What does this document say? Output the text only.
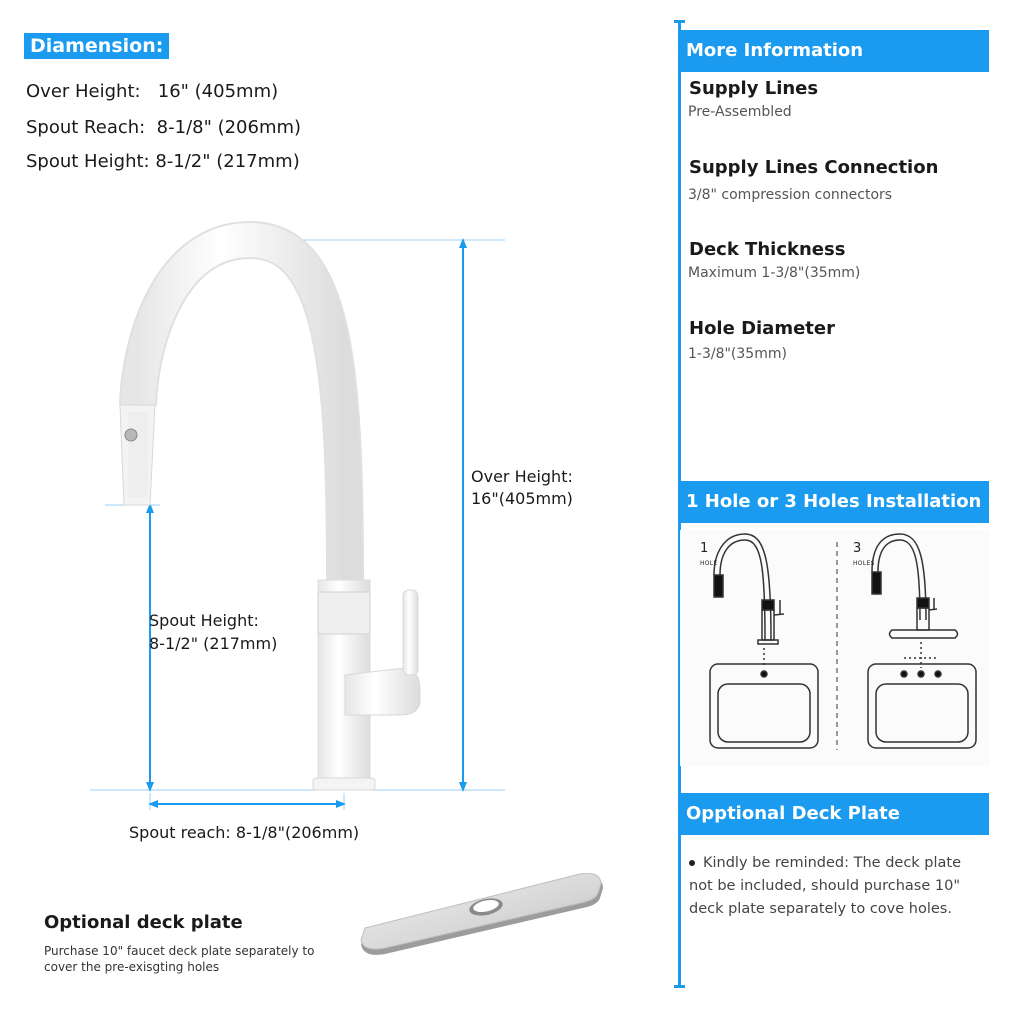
Diamension:
Over Height:   16" (405mm)
Spout Reach:  8-1/8" (206mm)
Spout Height: 8-1/2" (217mm)
Over Height:
16"(405mm)
Spout Height:
8-1/2" (217mm)
Spout reach: 8-1/8"(206mm)
Optional deck plate
Purchase 10" faucet deck plate separately to cover the pre-exisgting holes
More Information
Supply Lines
Pre-Assembled
Supply Lines Connection
3/8" compression connectors
Deck Thickness
Maximum 1-3/8"(35mm)
Hole Diameter
1-3/8"(35mm)
1 Hole or 3 Holes Installation
1
HOLE
3
HOLES
Opptional Deck Plate
Kindly be reminded: The deck plate not be included, should purchase 10" deck plate separately to cove holes.
